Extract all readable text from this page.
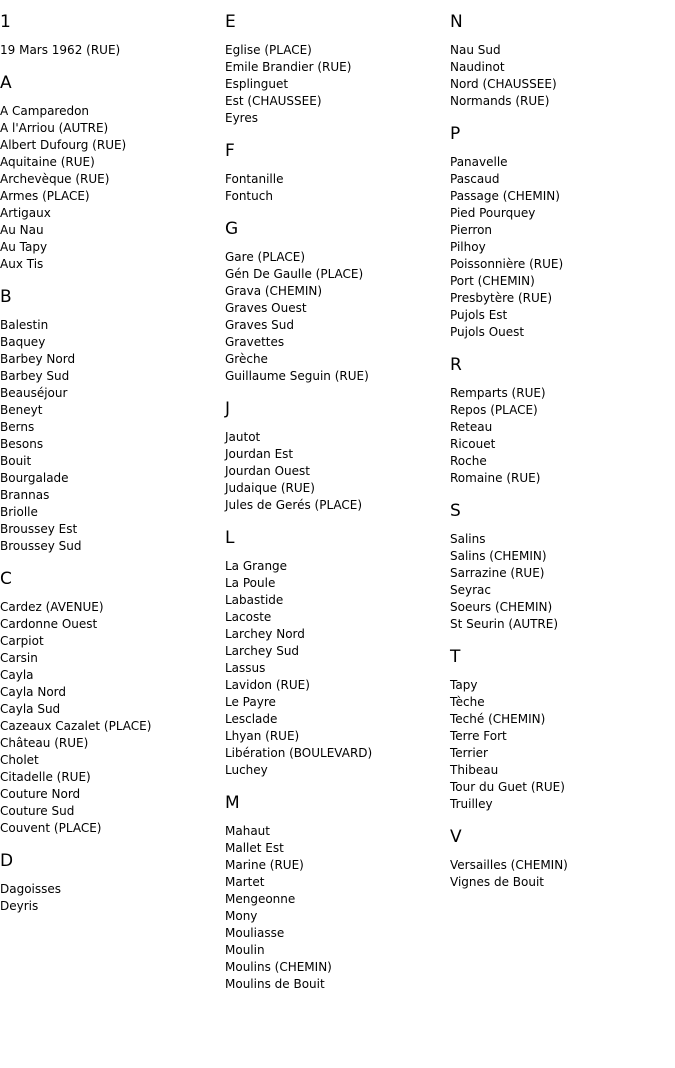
1
19 Mars 1962 (RUE)
A
A Camparedon
A l'Arriou (AUTRE)
Albert Dufourg (RUE)
Aquitaine (RUE)
Archevèque (RUE)
Armes (PLACE)
Artigaux
Au Nau
Au Tapy
Aux Tis
B
Balestin
Baquey
Barbey Nord
Barbey Sud
Beauséjour
Beneyt
Berns
Besons
Bouit
Bourgalade
Brannas
Briolle
Broussey Est
Broussey Sud
C
Cardez (AVENUE)
Cardonne Ouest
Carpiot
Carsin
Cayla
Cayla Nord
Cayla Sud
Cazeaux Cazalet (PLACE)
Château (RUE)
Cholet
Citadelle (RUE)
Couture Nord
Couture Sud
Couvent (PLACE)
D
Dagoisses
Deyris
E
Eglise (PLACE)
Emile Brandier (RUE)
Esplinguet
Est (CHAUSSEE)
Eyres
F
Fontanille
Fontuch
G
Gare (PLACE)
Gén De Gaulle (PLACE)
Grava (CHEMIN)
Graves Ouest
Graves Sud
Gravettes
Grèche
Guillaume Seguin (RUE)
J
Jautot
Jourdan Est
Jourdan Ouest
Judaique (RUE)
Jules de Gerés (PLACE)
L
La Grange
La Poule
Labastide
Lacoste
Larchey Nord
Larchey Sud
Lassus
Lavidon (RUE)
Le Payre
Lesclade
Lhyan (RUE)
Libération (BOULEVARD)
Luchey
M
Mahaut
Mallet Est
Marine (RUE)
Martet
Mengeonne
Mony
Mouliasse
Moulin
Moulins (CHEMIN)
Moulins de Bouit
N
Nau Sud
Naudinot
Nord (CHAUSSEE)
Normands (RUE)
P
Panavelle
Pascaud
Passage (CHEMIN)
Pied Pourquey
Pierron
Pilhoy
Poissonnière (RUE)
Port (CHEMIN)
Presbytère (RUE)
Pujols Est
Pujols Ouest
R
Remparts (RUE)
Repos (PLACE)
Reteau
Ricouet
Roche
Romaine (RUE)
S
Salins
Salins (CHEMIN)
Sarrazine (RUE)
Seyrac
Soeurs (CHEMIN)
St Seurin (AUTRE)
T
Tapy
Tèche
Teché (CHEMIN)
Terre Fort
Terrier
Thibeau
Tour du Guet (RUE)
Truilley
V
Versailles (CHEMIN)
Vignes de Bouit
